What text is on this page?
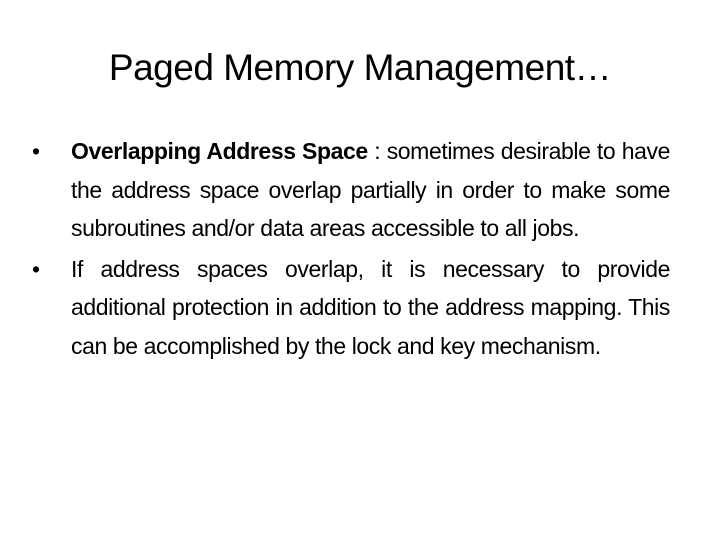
Paged Memory Management…
•	Overlapping Address Space : sometimes desirable to have the address space overlap partially in order to make some subroutines and/or data areas accessible to all jobs.
•	If address spaces overlap, it is necessary to provide additional protection in addition to the address mapping. This can be accomplished by the lock and key mechanism.
